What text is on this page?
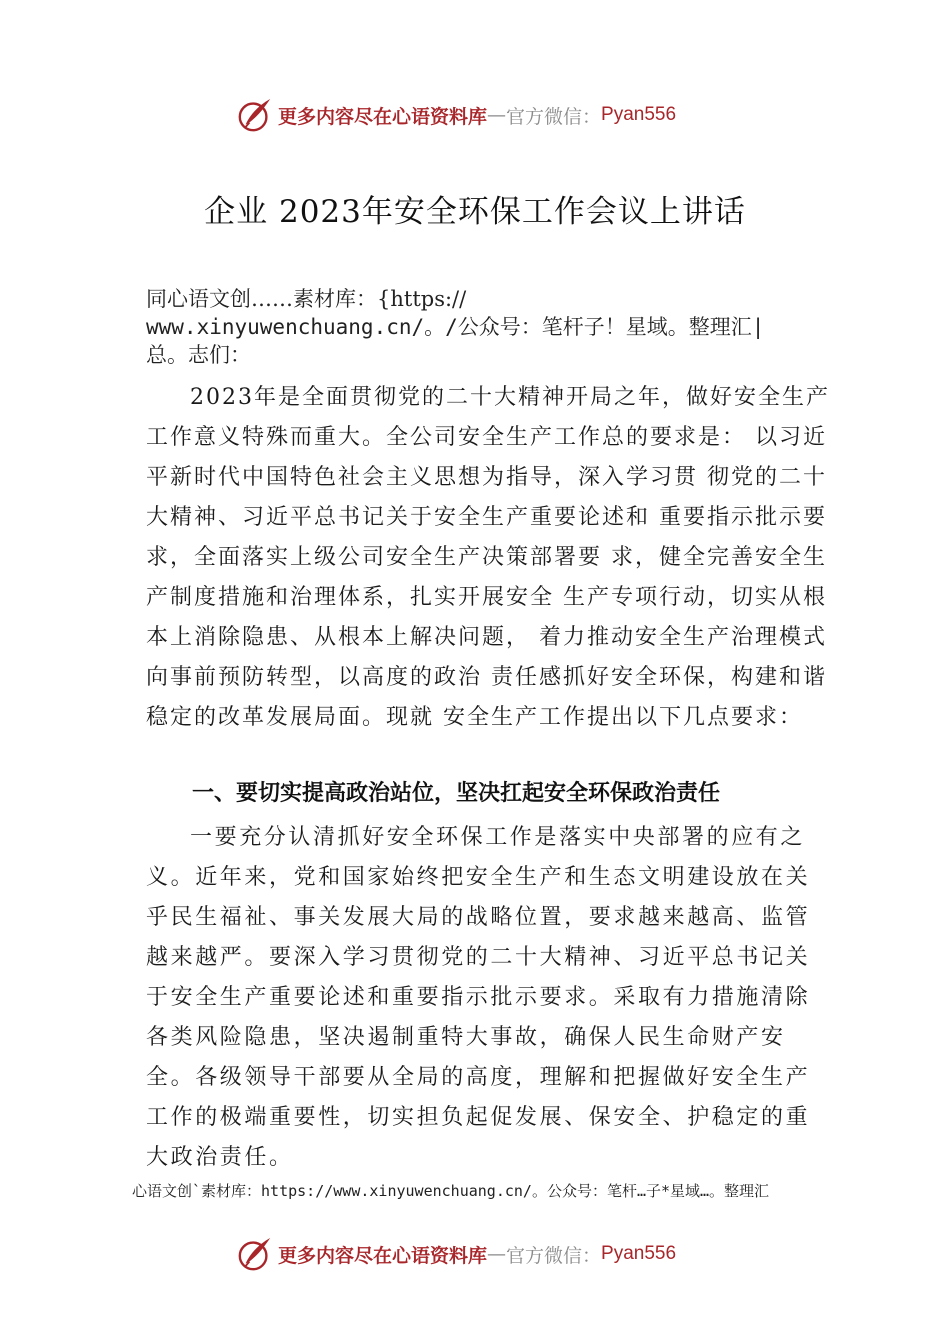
更多内容尽在心语资料库 — 官方微信： Pyan556
企业 2023年安全环保工作会议上讲话
同心语文创……素材库：{https://
www.xinyuwenchuang.cn/。/公众号：笔杆子！星域。整理汇|
总。志们：

2023年是全面贯彻党的二十大精神开局之年，做好安全生产工作意义特殊而重大。全公司安全生产工作总的要求是： 以习近平新时代中国特色社会主义思想为指导，深入学习贯 彻党的二十大精神、习近平总书记关于安全生产重要论述和 重要指示批示要求，全面落实上级公司安全生产决策部署要 求，健全完善安全生产制度措施和治理体系，扎实开展安全 生产专项行动，切实从根本上消除隐患、从根本上解决问题， 着力推动安全生产治理模式向事前预防转型，以高度的政治 责任感抓好安全环保，构建和谐稳定的改革发展局面。现就 安全生产工作提出以下几点要求：

一、要切实提高政治站位，坚决扛起安全环保政治责任

一要充分认清抓好安全环保工作是落实中央部署的应有之义。近年来，党和国家始终把安全生产和生态文明建设放在关乎民生福祉、事关发展大局的战略位置，要求越来越高、监管越来越严。要深入学习贯彻党的二十大精神、习近平总书记关于安全生产重要论述和重要指示批示要求。采取有力措施清除各类风险隐患，坚决遏制重特大事故，确保人民生命财产安全。各级领导干部要从全局的高度，理解和把握做好安全生产工作的极端重要性，切实担负起促发展、保安全、护稳定的重大政治责任。

心语文创`素材库：https://www.xinyuwenchuang.cn/。公众号：笔杆…子*星域…。整理汇
更多内容尽在心语资料库 — 官方微信： Pyan556
